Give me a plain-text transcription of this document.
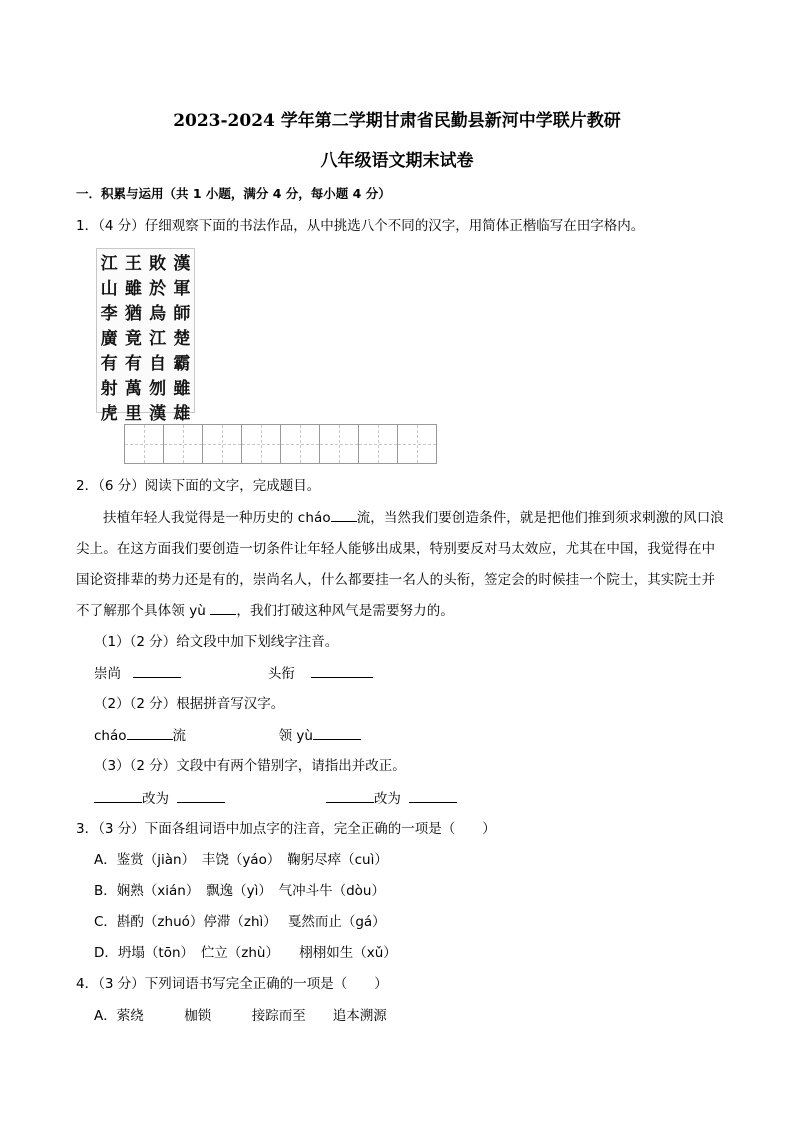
2023-2024 学年第二学期甘肃省民勤县新河中学联片教研
八年级语文期末试卷
一．积累与运用（共 1 小题，满分 4 分，每小题 4 分）
1．（4 分）仔细观察下面的书法作品，从中挑选八个不同的汉字，用简体正楷临写在田字格内。
江 王 敗 漢
山 雖 於 軍
李 猶 烏 師
廣 竟 江 楚
有 有 自 霸
射 萬 刎 雖
虎 里 漢 雄
2．（6 分）阅读下面的文字，完成题目。

扶植年轻人我觉得是一种历史的 cháo 流，当然我们要创造条件，就是把他们推到须求剌激的风口浪尖上。在这方面我们要创造一切条件让年轻人能够出成果，特别要反对马太效应，尤其在中国，我觉得在中国论资排辈的势力还是有的，崇尚名人，什么都要挂一名人的头衔，签定会的时候挂一个院士，其实院士并不了解那个具体领 yù ，我们打破这种风气是需要努力的。

（1）（2 分）给文段中加下划线字注音。
崇尚	头衔
（2）（2 分）根据拼音写汉字。
cháo	流	领 yù
（3）（2 分）文段中有两个错别字，请指出并改正。
改为	改为
3．（3 分）下面各组词语中加点字的注音，完全正确的一项是（　　）
A．鉴赏（jiàn）　丰饶（yáo）　鞠躬尽瘁（cuì）
B．娴熟（xián）　飘逸（yì）　气冲斗牛（dòu）
C．斟酌（zhuó）停滞（zhì）　 戛然而止（gá）
D．坍塌（tōn）　伫立（zhù）　　栩栩如生（xǔ）
4．（3 分）下列词语书写完全正确的一项是（　　）
A．萦绕　　　枷锁　　　接踪而至　　追本溯源
